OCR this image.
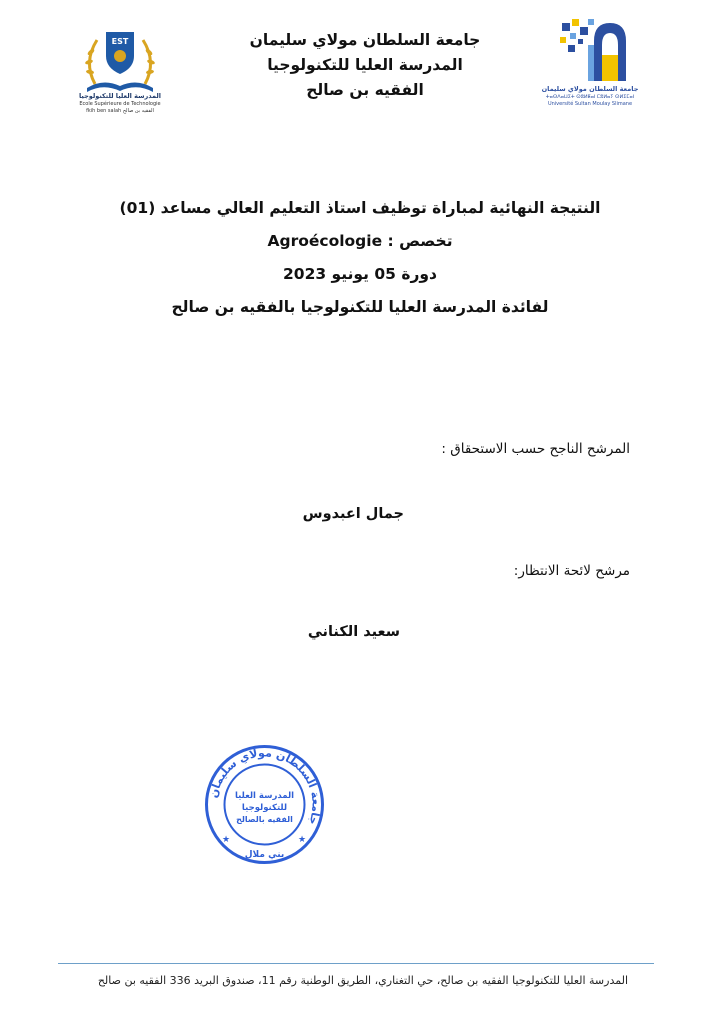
EST
المدرسة العليا للتكنولوجيا
Ecole Supérieure de Technologie
fkih ben salah الفقيه بن صالح
جامعة السلطان مولاي سليمان
المدرسة العليا للتكنولوجيا
الفقيه بن صالح	جامعة السلطان مولاي سليمان
ⵜⴰⵙⴷⴰⵡⵉⵜ ⵙⵓⵍⵟⴰⵏ ⵎⵓⵍⴰⵢ ⵙⵍⵉⵎⴰⵏ
Université Sultan Moulay Slimane
النتيجة النهائية لمباراة توظيف استاذ التعليم العالي مساعد (01)
تخصص : Agroécologie
دورة 05 يونيو 2023
لفائدة المدرسة العليا للتكنولوجيا بالفقيه بن صالح
المرشح الناجح حسب الاستحقاق :
جمال اعبدوس
مرشح لائحة الانتظار:
سعيد الكناني
جامعة السلطان مولاي سليمان
بني ملال
المدرسة العليا
للتكنولوجيا
الفقيه بالصالح
★	★
المدرسة العليا للتكنولوجيا الفقيه بن صالح، حي التغناري، الطريق الوطنية رقم 11، صندوق البريد 336 الفقيه بن صالح
